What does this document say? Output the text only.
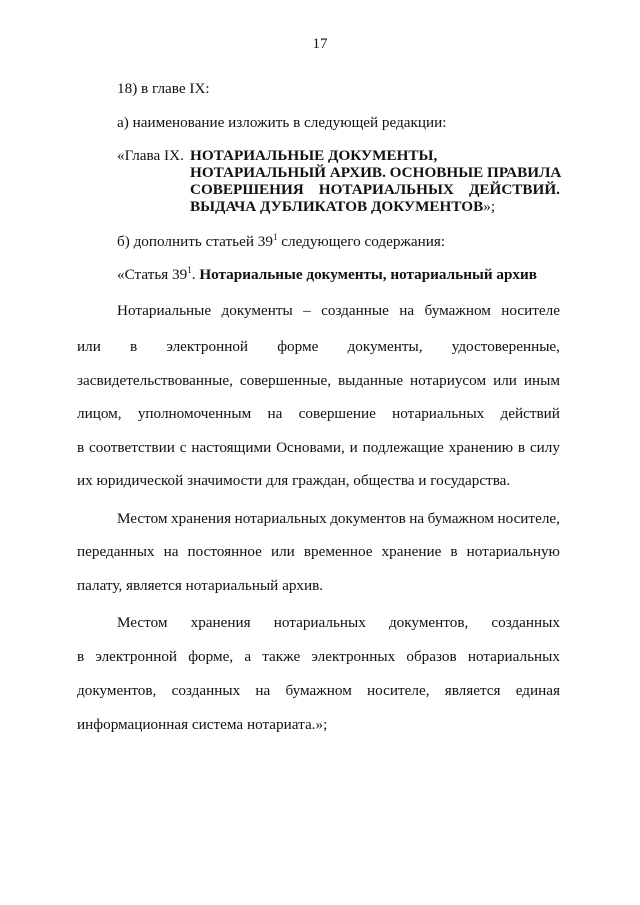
17
18) в главе IX:
а) наименование изложить в следующей редакции:
«Глава IX. НОТАРИАЛЬНЫЕ ДОКУМЕНТЫ,
НОТАРИАЛЬНЫЙ АРХИВ. ОСНОВНЫЕ ПРАВИЛА
СОВЕРШЕНИЯ НОТАРИАЛЬНЫХ ДЕЙСТВИЙ.
ВЫДАЧА ДУБЛИКАТОВ ДОКУМЕНТОВ»;
б) дополнить статьей $39^1$ следующего содержания:
«Статья $39^1$. Нотариальные документы, нотариальный архив
Нотариальные документы – созданные на бумажном носителе
или в электронной форме документы, удостоверенные,
засвидетельствованные, совершенные, выданные нотариусом или иным
лицом, уполномоченным на совершение нотариальных действий
в соответствии с настоящими Основами, и подлежащие хранению в силу
их юридической значимости для граждан, общества и государства.
Местом хранения нотариальных документов на бумажном носителе,
переданных на постоянное или временное хранение в нотариальную
палату, является нотариальный архив.
Местом хранения нотариальных документов, созданных
в электронной форме, а также электронных образов нотариальных
документов, созданных на бумажном носителе, является единая
информационная система нотариата.»;
